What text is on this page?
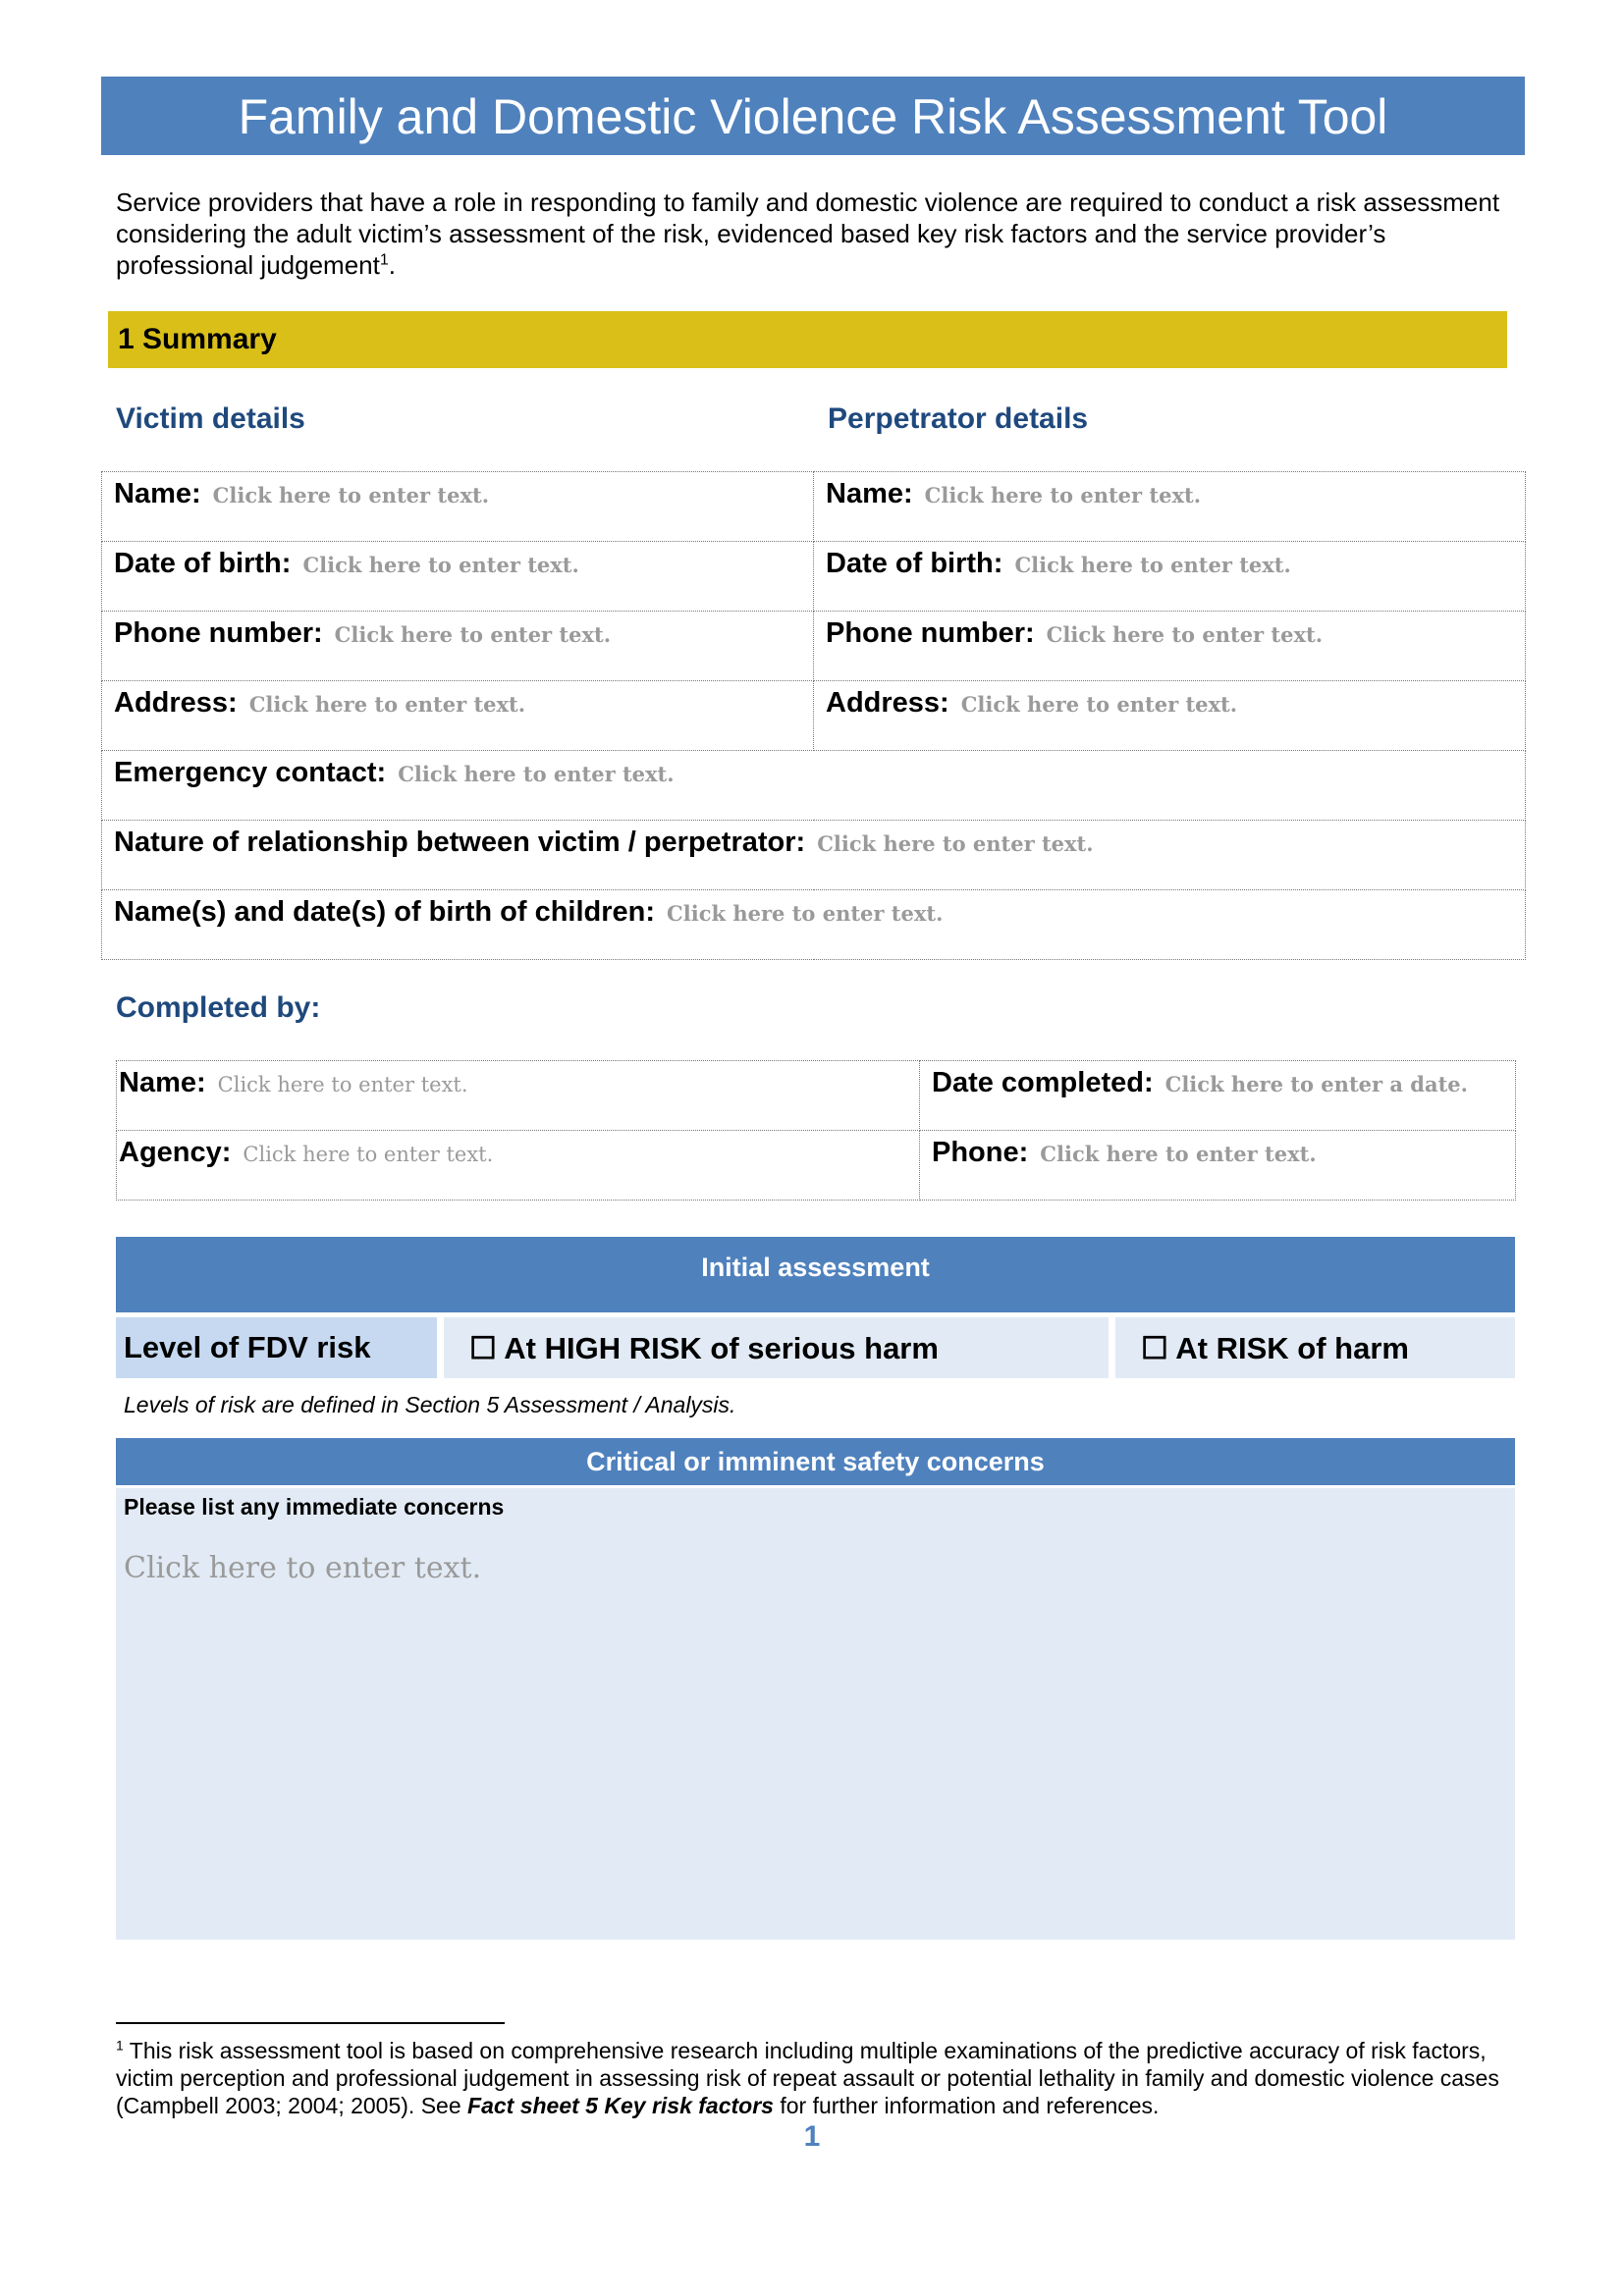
Family and Domestic Violence Risk Assessment Tool
Service providers that have a role in responding to family and domestic violence are required to conduct a risk assessment considering the adult victim’s assessment of the risk, evidenced based key risk factors and the service provider’s professional judgement$^1$.
1 Summary
Victim details	Perpetrator details
Name: Click here to enter text.	Name: Click here to enter text.
Date of birth: Click here to enter text.	Date of birth: Click here to enter text.
Phone number: Click here to enter text.	Phone number: Click here to enter text.
Address: Click here to enter text.	Address: Click here to enter text.
Emergency contact: Click here to enter text.	
Nature of relationship between victim / perpetrator: Click here to enter text.	
Name(s) and date(s) of birth of children: Click here to enter text.	
Completed by:
Name: Click here to enter text.	Date completed: Click here to enter a date.
Agency: Click here to enter text.	Phone: Click here to enter text.
Initial assessment
Level of FDV risk	☐ At HIGH RISK of serious harm	☐ At RISK of harm
Levels of risk are defined in Section 5 Assessment / Analysis.
Critical or imminent safety concerns
Please list any immediate concerns
Click here to enter text.
$^1$ This risk assessment tool is based on comprehensive research including multiple examinations of the predictive accuracy of risk factors, victim perception and professional judgement in assessing risk of repeat assault or potential lethality in family and domestic violence cases (Campbell 2003; 2004; 2005). See Fact sheet 5 Key risk factors for further information and references.
1
